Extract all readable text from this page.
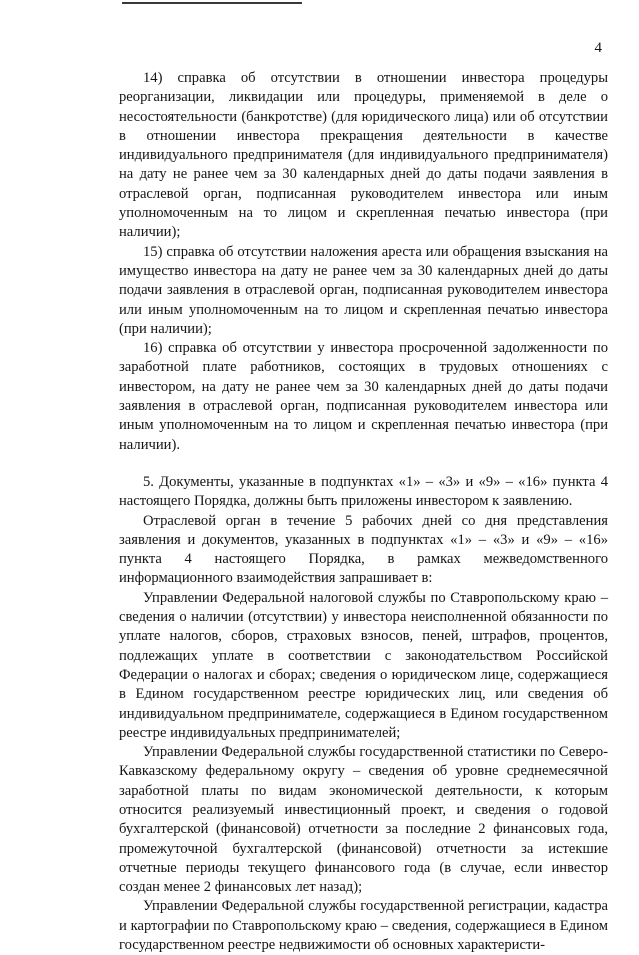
4

14) справка об отсутствии в отношении инвестора процедуры реорганизации, ликвидации или процедуры, применяемой в деле о несостоятельности (банкротстве) (для юридического лица) или об отсутствии в отношении инвестора прекращения деятельности в качестве индивидуального предпринимателя (для индивидуального предпринимателя) на дату не ранее чем за 30 календарных дней до даты подачи заявления в отраслевой орган, подписанная руководителем инвестора или иным уполномоченным на то лицом и скрепленная печатью инвестора (при наличии);

15) справка об отсутствии наложения ареста или обращения взыскания на имущество инвестора на дату не ранее чем за 30 календарных дней до даты подачи заявления в отраслевой орган, подписанная руководителем инвестора или иным уполномоченным на то лицом и скрепленная печатью инвестора (при наличии);

16) справка об отсутствии у инвестора просроченной задолженности по заработной плате работников, состоящих в трудовых отношениях с инвестором, на дату не ранее чем за 30 календарных дней до даты подачи заявления в отраслевой орган, подписанная руководителем инвестора или иным уполномоченным на то лицом и скрепленная печатью инвестора (при наличии).

5. Документы, указанные в подпунктах «1» – «3» и «9» – «16» пункта 4 настоящего Порядка, должны быть приложены инвестором к заявлению.

Отраслевой орган в течение 5 рабочих дней со дня представления заявления и документов, указанных в подпунктах «1» – «3» и «9» – «16» пункта 4 настоящего Порядка, в рамках межведомственного информационного взаимодействия запрашивает в:

Управлении Федеральной налоговой службы по Ставропольскому краю – сведения о наличии (отсутствии) у инвестора неисполненной обязанности по уплате налогов, сборов, страховых взносов, пеней, штрафов, процентов, подлежащих уплате в соответствии с законодательством Российской Федерации о налогах и сборах; сведения о юридическом лице, содержащиеся в Едином государственном реестре юридических лиц, или сведения об индивидуальном предпринимателе, содержащиеся в Едином государственном реестре индивидуальных предпринимателей;

Управлении Федеральной службы государственной статистики по Северо-Кавказскому федеральному округу – сведения об уровне среднемесячной заработной платы по видам экономической деятельности, к которым относится реализуемый инвестиционный проект, и сведения о годовой бухгалтерской (финансовой) отчетности за последние 2 финансовых года, промежуточной бухгалтерской (финансовой) отчетности за истекшие отчетные периоды текущего финансового года (в случае, если инвестор создан менее 2 финансовых лет назад);

Управлении Федеральной службы государственной регистрации, кадастра и картографии по Ставропольскому краю – сведения, содержащиеся в Едином государственном реестре недвижимости об основных характеристи-
